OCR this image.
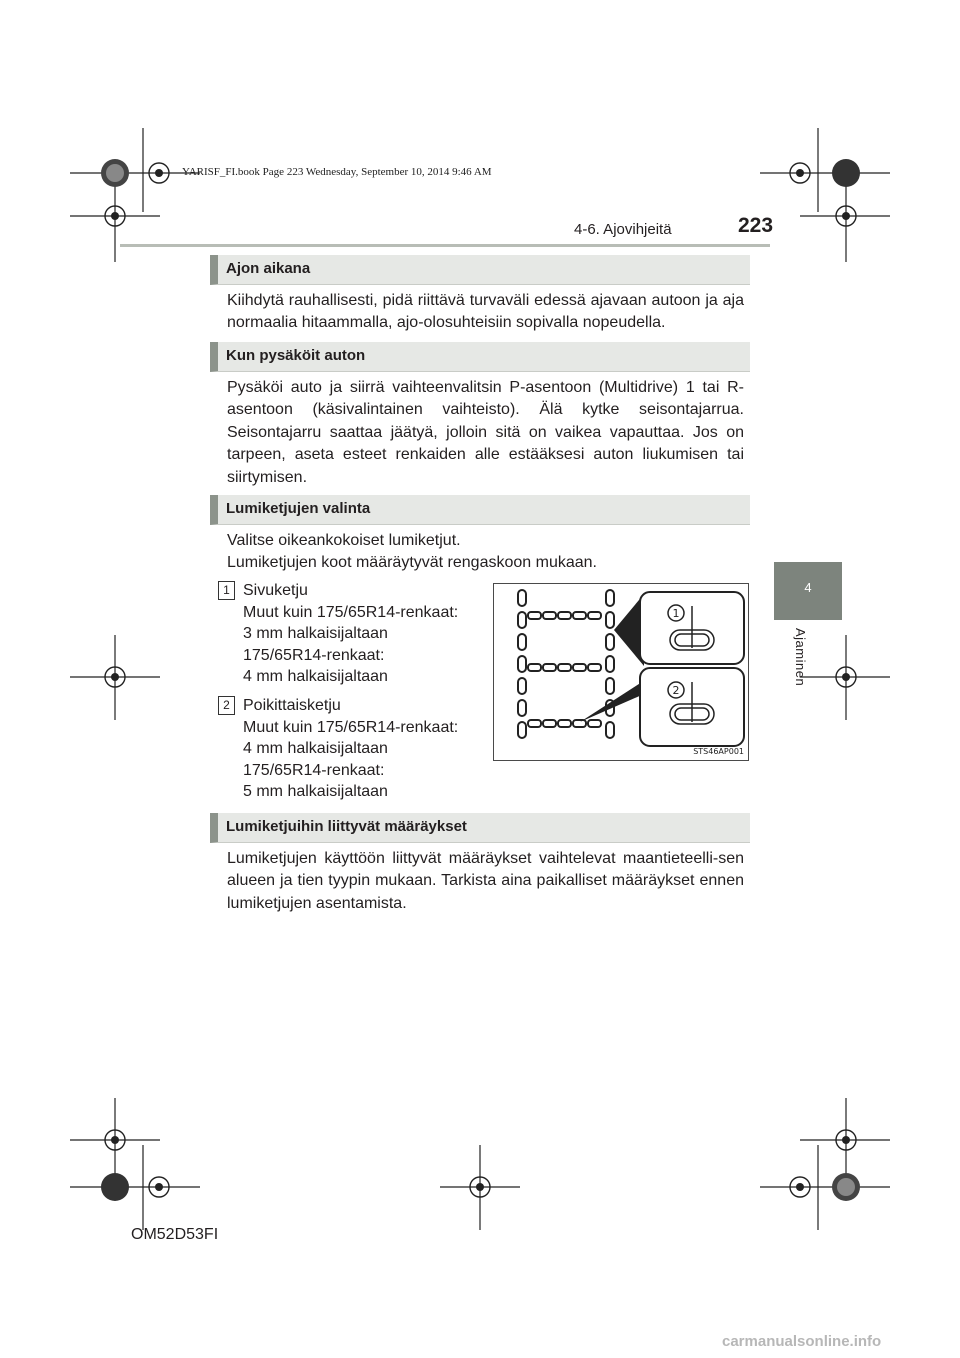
YARISF_FI.book Page 223 Wednesday, September 10, 2014 9:46 AM
4-6. Ajovihjeitä	223
4
Ajaminen
Ajon aikana

Kiihdytä rauhallisesti, pidä riittävä turvaväli edessä ajavaan autoon ja aja normaalia hitaammalla, ajo-olosuhteisiin sopivalla nopeudella.

Kun pysäköit auton

Pysäköi auto ja siirrä vaihteenvalitsin P-asentoon (Multidrive) 1 tai R-asentoon (käsivalintainen vaihteisto). Älä kytke seisontajarrua. Seisontajarru saattaa jäätyä, jolloin sitä on vaikea vapauttaa. Jos on tarpeen, aseta esteet renkaiden alle estääksesi auton liukumisen tai siirtymisen.

Lumiketjujen valinta
Valitse oikeankokoiset lumiketjut.
Lumiketjujen koot määräytyvät rengaskoon mukaan.
1 Sivuketju
Muut kuin 175/65R14-renkaat:
3 mm halkaisijaltaan
175/65R14-renkaat:
4 mm halkaisijaltaan
2 Poikittaisketju
Muut kuin 175/65R14-renkaat:
4 mm halkaisijaltaan
175/65R14-renkaat:
5 mm halkaisijaltaan
1
2
STS46AP001
Lumiketjuihin liittyvät määräykset

Lumiketjujen käyttöön liittyvät määräykset vaihtelevat maantieteelli-sen alueen ja tien tyypin mukaan. Tarkista aina paikalliset määräykset ennen lumiketjujen asentamista.

OM52D53FI
carmanualsonline.info
